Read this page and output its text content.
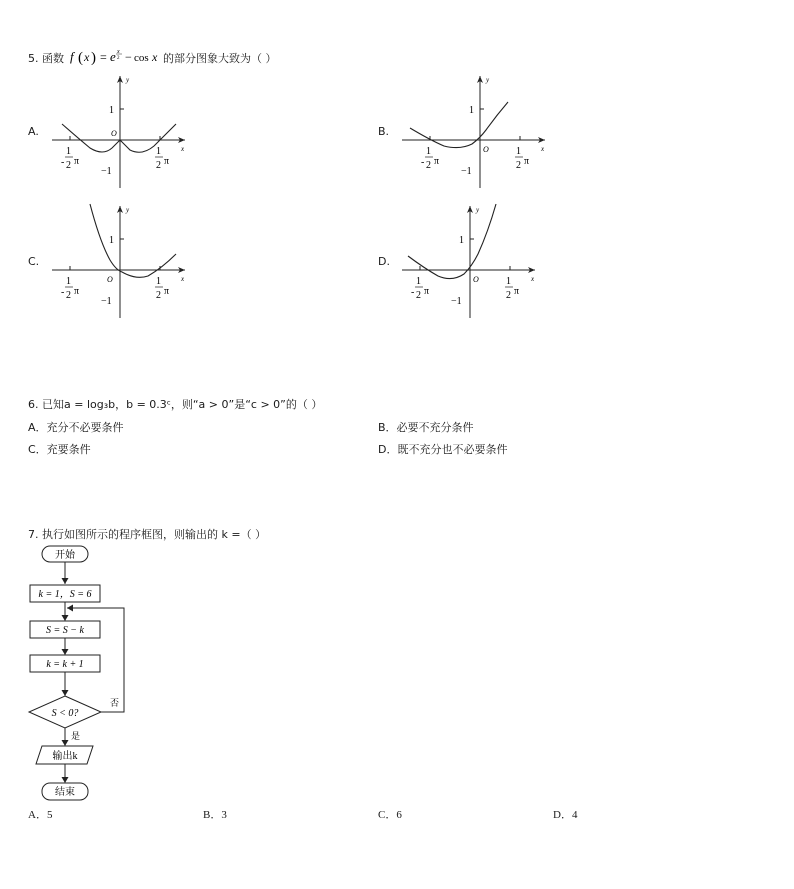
5. 函数 f ( x ) = e x
2 − cos x 的部分图象大致为（ ）
A.
y
x
O
1
−1
1
- 2 π
1
2 π
B.
y
x
O
1
−1
1
- 2 π
1
2 π
C.
y
x
O
1
−1
1
- 2 π
1
2 π
D.
y
x
O
1
−1
1
- 2 π
1
2 π
6. 已知a = log₃b，b = 0.3ᶜ，则“a > 0”是“c > 0”的（ ）
A．充分不必要条件	B．必要不充分条件
C．充要条件	D．既不充分也不必要条件
7. 执行如图所示的程序框图，则输出的 k =（ ）
开始
k = 1，S = 6
S = S − k
k = k + 1
S < 0?
否
是
输出k
结束
A．5	B．3	C．6	D．4
